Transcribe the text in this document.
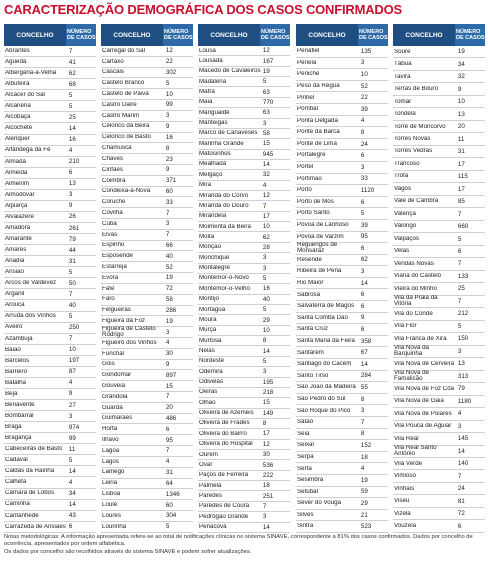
CARACTERIZAÇÃO DEMOGRÁFICA DOS CASOS CONFIRMADOS
CONCELHO	NÚMERO DE CASOS
Abrantes	7
Águeda	41
Albergaria-a-Velha	62
Albufeira	68
Alcácer do Sal	5
Alcanena	5
Alcobaça	25
Alcochete	14
Alenquer	16
Alfândega da Fé	4
Almada	210
Almeida	6
Almeirim	13
Almodôvar	3
Alpiarça	9
Alvaiázere	26
Amadora	261
Amarante	79
Amares	44
Anadia	31
Ansião	5
Arcos de Valdevez	50
Arganil	7
Arouca	40
Arruda dos Vinhos	5
Aveiro	250
Azambuja	7
Baião	10
Barcelos	197
Barreiro	87
Batalha	4
Beja	9
Benavente	27
Bombarral	3
Braga	974
Bragança	99
Cabeceiras de Basto	11
Cadaval	5
Caldas da Rainha	14
Calheta	4
Câmara de Lobos	34
Caminha	14
Cantanhede	43
Carrazeda de Ansiães 6
CONCELHO	NÚMERO DE CASOS
Carregal do Sal	12
Cartaxo	22
Cascais	302
Castelo Branco	5
Castelo de Paiva	10
Castro Daire	99
Castro Marim	3
Celorico da Beira	9
Celorico de Basto	16
Chamusca	8
Chaves	23
Cinfães	9
Coimbra	371
Condeixa-a-Nova	60
Coruche	33
Covilhã	7
Cuba	3
Elvas	7
Espinho	66
Esposende	40
Estarreja	52
Évora	19
Fafe	72
Faro	58
Felgueiras	286
Figueira da Foz	19
Figueira de Castelo Rodrigo	3
Figueiró dos Vinhos	4
Funchal	30
Góis	9
Gondomar	897
Gouveia	15
Grândola	7
Guarda	20
Guimarães	486
Horta	6
Ílhavo	95
Lagoa	7
Lagos	4
Lamego	31
Leiria	64
Lisboa	1346
Loulé	60
Loures	304
Lourinhã	5
CONCELHO	NÚMERO DE CASOS
Lousã	12
Lousada	167
Macedo de Cavaleiros 19
Madalena	5
Mafra	63
Maia	770
Mangualde	63
Manteigas	3
Marco de Canaveses 58
Marinha Grande	15
Matosinhos	945
Mealhada	14
Melgaço	32
Mira	4
Miranda do Corvo	12
Miranda do Douro	7
Mirandela	17
Moimenta da Beira	10
Moita	62
Monção	28
Monchique	3
Montalegre	3
Montemor-o-Novo	5
Montemor-o-Velho	16
Montijo	40
Mortágua	5
Moura	29
Murça	10
Murtosa	8
Nelas	14
Nordeste	5
Odemira	3
Odivelas	195
Oeiras	218
Olhão	15
Oliveira de Azeméis	149
Oliveira de Frades	8
Oliveira do Bairro	17
Oliveira do Hospital	12
Ourém	30
Ovar	536
Paços de Ferreira	222
Palmela	18
Paredes	251
Paredes de Coura	7
Pedrógão Grande	3
Penacova	14
CONCELHO	NÚMERO DE CASOS
Penafiel	135
Penela	3
Peniche	10
Peso da Régua	52
Pinhel	22
Pombal	39
Ponta Delgada	4
Ponte da Barca	8
Ponte de Lima	24
Portalegre	6
Portel	3
Portimão	33
Porto	1120
Porto de Mós	6
Porto Santo	5
Póvoa de Lanhoso	39
Póvoa de Varzim	95
Reguengos de Monsaraz	6
Resende	62
Ribeira de Pena	3
Rio Maior	14
Sabrosa	6
Salvaterra de Magos	6
Santa Comba Dão	9
Santa Cruz	6
Santa Maria da Feira 358
Santarém	67
Santiago do Cacém	14
Santo Tirso	284
São João da Madeira 55
São Pedro do Sul	8
São Roque do Pico	3
Sátão	7
Seia	8
Seixal	152
Serpa	18
Sertã	4
Sesimbra	19
Setúbal	59
Sever do Vouga	29
Silves	21
Sintra	523
CONCELHO	NÚMERO DE CASOS
Soure	19
Tábua	34
Tavira	32
Terras de Bouro	9
Tomar	10
Tondela	13
Torre de Moncorvo	20
Torres Novas	11
Torres Vedras	31
Trancoso	17
Trofa	115
Vagos	17
Vale de Cambra	85
Valença	7
Valongo	660
Valpaços	5
Velas	6
Vendas Novas	7
Viana do Castelo	133
Vieira do Minho	25
Vila da Praia da Vitória	7
Vila do Conde	212
Vila Flor	5
Vila Franca de Xira	150
Vila Nova da Barquinha	3
Vila Nova de Cerveira 13
Vila Nova de Famalicão	313
Vila Nova de Foz Côa 79
Vila Nova de Gaia	1180
Vila Nova de Poiares	4
Vila Pouca de Aguiar	3
Vila Real	145
Vila Real Santo António	14
Vila Verde	140
Vimioso	7
Vinhais	24
Viseu	81
Vizela	72
Vouzela	6
Notas metodológicas: A informação apresentada refere-se ao total de notificações clínicas no sistema SINAVE, correspondente a 81% dos casos confirmados. Dados por concelho de ocorrência, apresentados por ordem alfabética.
Os dados por concelho são recolhidos através do sistema SINAVE e podem sofrer atualizações.
